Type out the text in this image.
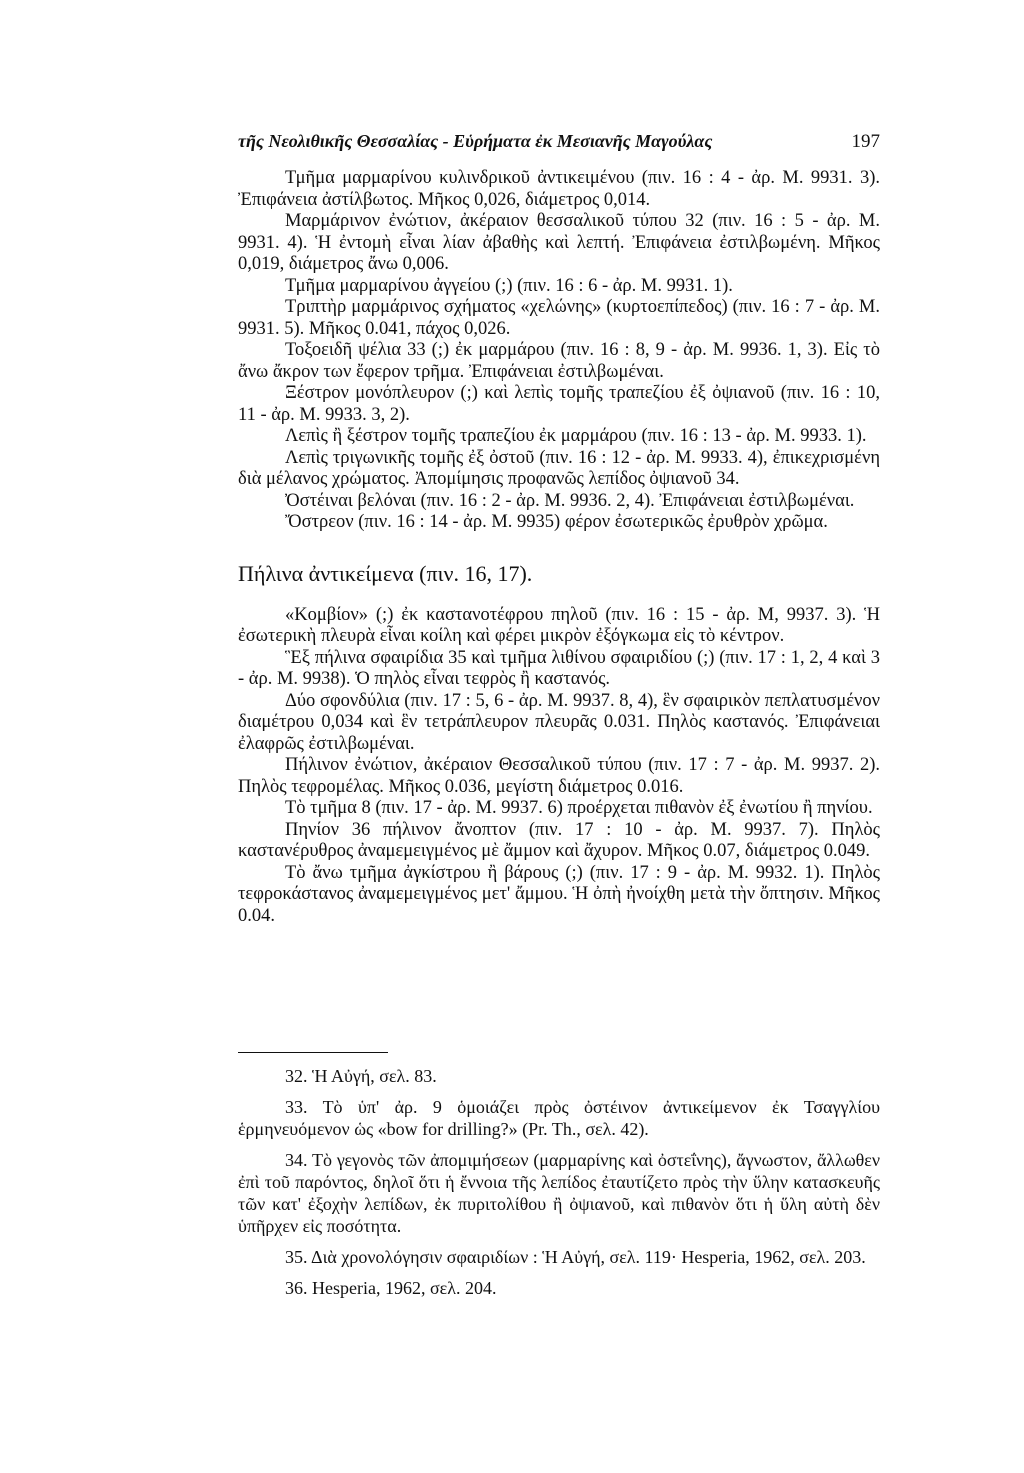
τῆς Νεολιθικῆς Θεσσαλίας - Εὑρήματα ἐκ Μεσιανῆς Μαγούλας	197

Τμῆμα μαρμαρίνου κυλινδρικοῦ ἀντικειμένου (πιν. 16 : 4 - ἀρ. Μ. 9931. 3). Ἐπιφάνεια ἀστίλβωτος. Μῆκος 0,026, διάμετρος 0,014.

Μαρμάρινον ἐνώτιον, ἀκέραιον θεσσαλικοῦ τύπου 32 (πιν. 16 : 5 - ἀρ. Μ. 9931. 4). Ἡ ἐντομὴ εἶναι λίαν ἀβαθὴς καὶ λεπτή. Ἐπιφάνεια ἐστιλβωμένη. Μῆκος 0,019, διάμετρος ἄνω 0,006.

Τμῆμα μαρμαρίνου ἀγγείου (;) (πιν. 16 : 6 - ἀρ. Μ. 9931. 1).

Τριπτὴρ μαρμάρινος σχήματος «χελώνης» (κυρτοεπίπεδος) (πιν. 16 : 7 - ἀρ. Μ. 9931. 5). Μῆκος 0.041, πάχος 0,026.

Τοξοειδῆ ψέλια 33 (;) ἐκ μαρμάρου (πιν. 16 : 8, 9 - ἀρ. Μ. 9936. 1, 3). Εἰς τὸ ἄνω ἄκρον των ἔφερον τρῆμα. Ἐπιφάνειαι ἐστιλβωμέναι.

Ξέστρον μονόπλευρον (;) καὶ λεπὶς τομῆς τραπεζίου ἐξ ὀψιανοῦ (πιν. 16 : 10, 11 - ἀρ. Μ. 9933. 3, 2).

Λεπὶς ἢ ξέστρον τομῆς τραπεζίου ἐκ μαρμάρου (πιν. 16 : 13 - ἀρ. Μ. 9933. 1).

Λεπὶς τριγωνικῆς τομῆς ἐξ ὀστοῦ (πιν. 16 : 12 - ἀρ. Μ. 9933. 4), ἐπικεχρισμένη διὰ μέλανος χρώματος. Ἀπομίμησις προφανῶς λεπίδος ὀψιανοῦ 34.

Ὀστέιναι βελόναι (πιν. 16 : 2 - ἀρ. Μ. 9936. 2, 4). Ἐπιφάνειαι ἐστιλβωμέναι.

Ὄστρεον (πιν. 16 : 14 - ἀρ. Μ. 9935) φέρον ἐσωτερικῶς ἐρυθρὸν χρῶμα.

Πήλινα ἀντικείμενα (πιν. 16, 17).

«Κομβίον» (;) ἐκ καστανοτέφρου πηλοῦ (πιν. 16 : 15 - ἀρ. Μ, 9937. 3). Ἡ ἐσωτερικὴ πλευρὰ εἶναι κοίλη καὶ φέρει μικρὸν ἐξόγκωμα εἰς τὸ κέντρον.

Ἓξ πήλινα σφαιρίδια 35 καὶ τμῆμα λιθίνου σφαιριδίου (;) (πιν. 17 : 1, 2, 4 καὶ 3 - ἀρ. Μ. 9938). Ὁ πηλὸς εἶναι τεφρὸς ἢ καστανός.

Δύο σφονδύλια (πιν. 17 : 5, 6 - ἀρ. Μ. 9937. 8, 4), ἓν σφαιρικὸν πεπλατυσμένον διαμέτρου 0,034 καὶ ἓν τετράπλευρον πλευρᾶς 0.031. Πηλὸς καστανός. Ἐπιφάνειαι ἐλαφρῶς ἐστιλβωμέναι.

Πήλινον ἐνώτιον, ἀκέραιον Θεσσαλικοῦ τύπου (πιν. 17 : 7 - ἀρ. Μ. 9937. 2). Πηλὸς τεφρομέλας. Μῆκος 0.036, μεγίστη διάμετρος 0.016.

Τὸ τμῆμα 8 (πιν. 17 - ἀρ. Μ. 9937. 6) προέρχεται πιθανὸν ἐξ ἐνωτίου ἢ πηνίου.

Πηνίον 36 πήλινον ἄνοπτον (πιν. 17 : 10 - ἀρ. Μ. 9937. 7). Πηλὸς καστανέρυθρος ἀναμεμειγμένος μὲ ἄμμον καὶ ἄχυρον. Μῆκος 0.07, διάμετρος 0.049.

Τὸ ἄνω τμῆμα ἀγκίστρου ἢ βάρους (;) (πιν. 17 : 9 - ἀρ. Μ. 9932. 1). Πηλὸς τεφροκάστανος ἀναμεμειγμένος μετ' ἄμμου. Ἡ ὀπὴ ἠνοίχθη μετὰ τὴν ὄπτησιν. Μῆκος 0.04.

32. Ἡ Αὐγή, σελ. 83.

33. Τὸ ὑπ' ἀρ. 9 ὁμοιάζει πρὸς ὀστέινον ἀντικείμενον ἐκ Τσαγγλίου ἑρμηνευόμενον ὡς «bow for drilling?» (Pr. Th., σελ. 42).

34. Τὸ γεγονὸς τῶν ἀπομιμήσεων (μαρμαρίνης καὶ ὀστεΐνης), ἄγνωστον, ἄλλωθεν ἐπὶ τοῦ παρόντος, δηλοῖ ὅτι ἡ ἔννοια τῆς λεπίδος ἐταυτίζετο πρὸς τὴν ὕλην κατασκευῆς τῶν κατ' ἐξοχὴν λεπίδων, ἐκ πυριτολίθου ἢ ὀψιανοῦ, καὶ πιθανὸν ὅτι ἡ ὕλη αὐτὴ δὲν ὑπῆρχεν εἰς ποσότητα.

35. Διὰ χρονολόγησιν σφαιριδίων : Ἡ Αὐγή, σελ. 119· Hesperia, 1962, σελ. 203.

36. Hesperia, 1962, σελ. 204.
